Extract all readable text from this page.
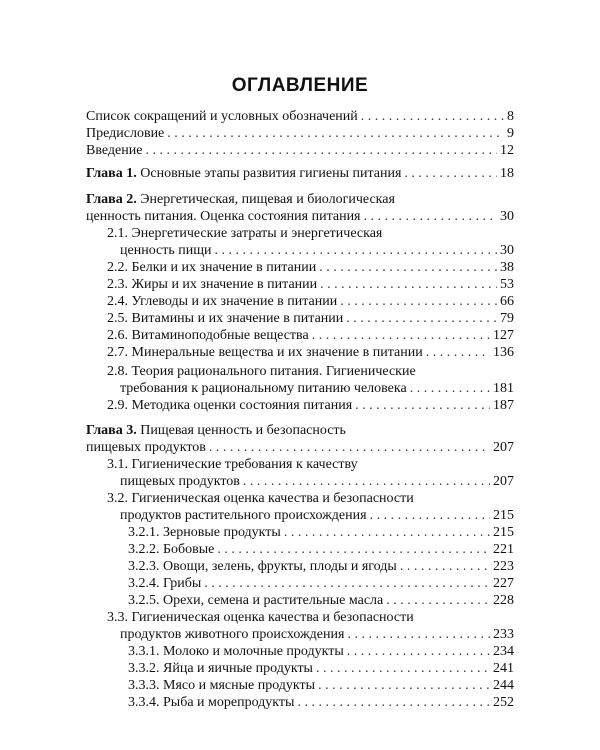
ОГЛАВЛЕНИЕ
Список сокращений и условных обозначений . . .	8
Предисловие . . .	9
Введение . . .	12
Глава 1. Основные этапы развития гигиены питания . . .	18
Глава 2. Энергетическая, пищевая и биологическая
ценность питания. Оценка состояния питания . . .	30
2.1. Энергетические затраты и энергетическая
ценность пищи . . .	30
2.2. Белки и их значение в питании . . .	38
2.3. Жиры и их значение в питании . . .	53
2.4. Углеводы и их значение в питании . . .	66
2.5. Витамины и их значение в питании . . .	79
2.6. Витаминоподобные вещества . . .	127
2.7. Минеральные вещества и их значение в питании . . .	136
2.8. Теория рационального питания. Гигиенические
требования к рациональному питанию человека . . .	181
2.9. Методика оценки состояния питания . . .	187
Глава 3. Пищевая ценность и безопасность
пищевых продуктов . . .	207
3.1. Гигиенические требования к качеству
пищевых продуктов . . .	207
3.2. Гигиеническая оценка качества и безопасности
продуктов растительного происхождения . . .	215
3.2.1. Зерновые продукты . . .	215
3.2.2. Бобовые . . .	221
3.2.3. Овощи, зелень, фрукты, плоды и ягоды . . .	223
3.2.4. Грибы . . .	227
3.2.5. Орехи, семена и растительные масла . . .	228
3.3. Гигиеническая оценка качества и безопасности
продуктов животного происхождения . . .	233
3.3.1. Молоко и молочные продукты . . .	234
3.3.2. Яйца и яичные продукты . . .	241
3.3.3. Мясо и мясные продукты . . .	244
3.3.4. Рыба и морепродукты . . .	252
